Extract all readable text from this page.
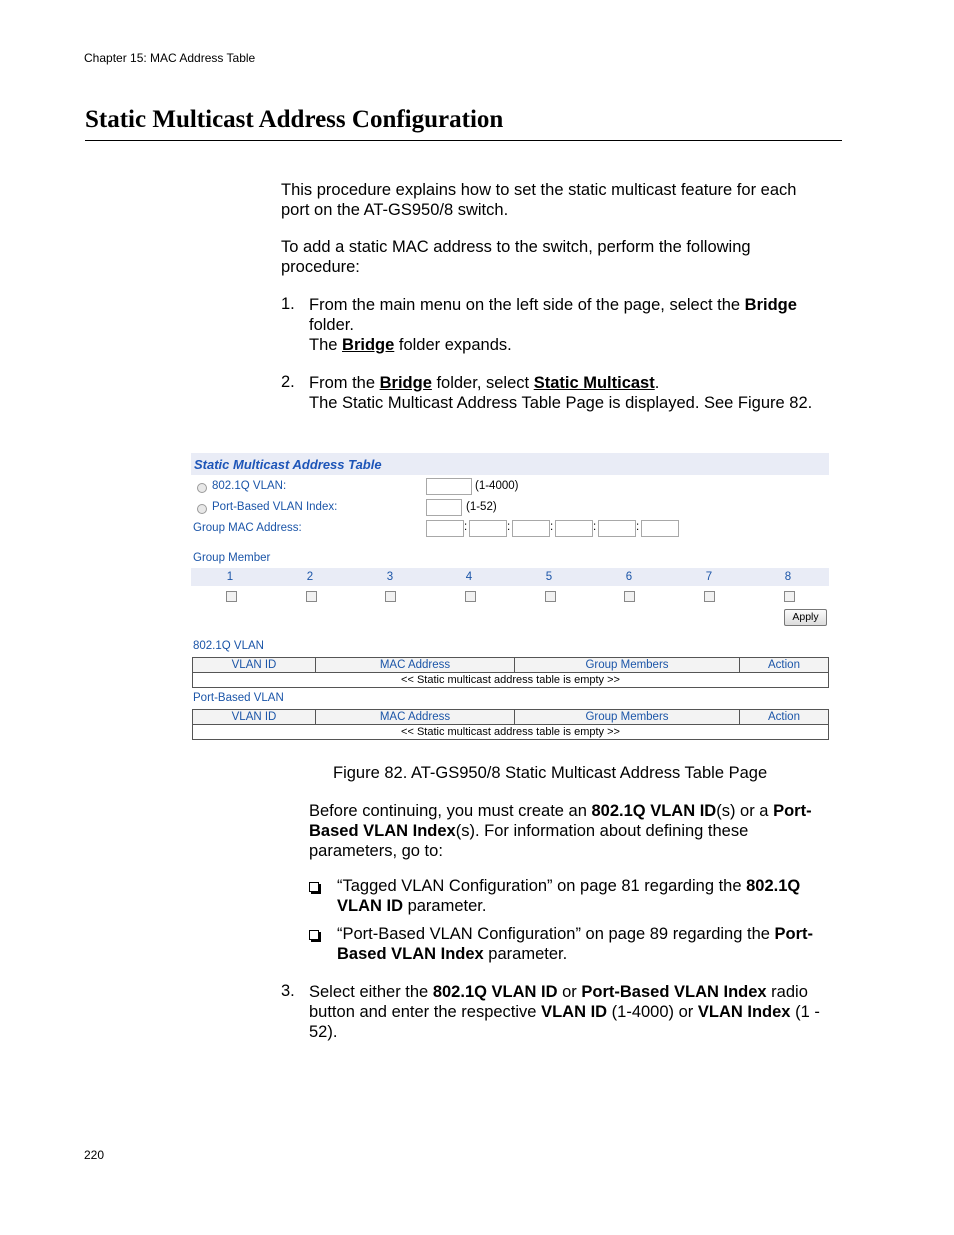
Chapter 15: MAC Address Table
Static Multicast Address Configuration
This procedure explains how to set the static multicast feature for each
port on the AT-GS950/8 switch.
To add a static MAC address to the switch, perform the following
procedure:
1. From the main menu on the left side of the page, select the Bridge
folder.
The Bridge folder expands.
2. From the Bridge folder, select Static Multicast.
The Static Multicast Address Table Page is displayed. See Figure 82.
Static Multicast Address Table
802.1Q VLAN:	(1-4000)
Port-Based VLAN Index:	(1-52)
Group MAC Address:	:	:	:	:	:
Group Member
1	2	3	4	5	6	7	8
Apply
802.1Q VLAN
VLAN ID	MAC Address	Group Members	Action
<< Static multicast address table is empty >>
Port-Based VLAN
VLAN ID	MAC Address	Group Members	Action
<< Static multicast address table is empty >>
Figure 82. AT-GS950/8 Static Multicast Address Table Page
Before continuing, you must create an 802.1Q VLAN ID(s) or a Port-
Based VLAN Index(s). For information about defining these
parameters, go to:
“Tagged VLAN Configuration” on page 81 regarding the 802.1Q
VLAN ID parameter.
“Port-Based VLAN Configuration” on page 89 regarding the Port-
Based VLAN Index parameter.
3. Select either the 802.1Q VLAN ID or Port-Based VLAN Index radio
button and enter the respective VLAN ID (1-4000) or VLAN Index (1 -
52).
220
